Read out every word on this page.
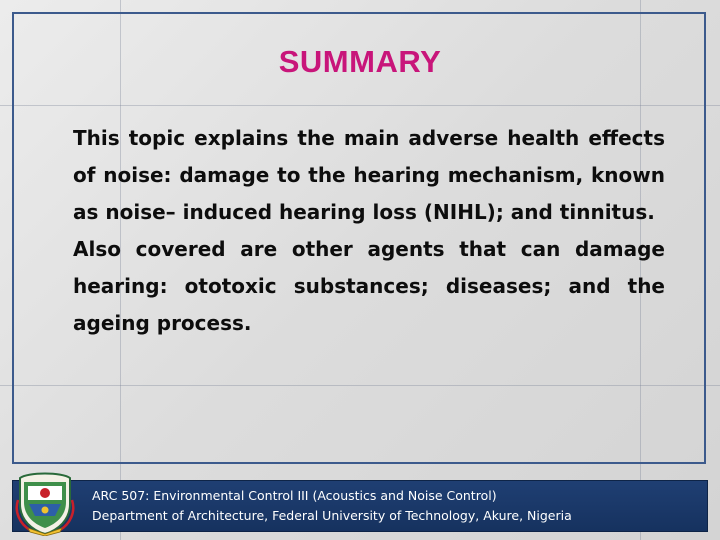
SUMMARY

This topic explains the main adverse health effects of noise: damage to the hearing mechanism, known as noise– induced hearing loss (NIHL); and tinnitus.

Also covered are other agents that can damage hearing: ototoxic substances; diseases; and the ageing process.

ARC 507: Environmental Control III (Acoustics and Noise Control)
Department of Architecture, Federal University of Technology, Akure, Nigeria
